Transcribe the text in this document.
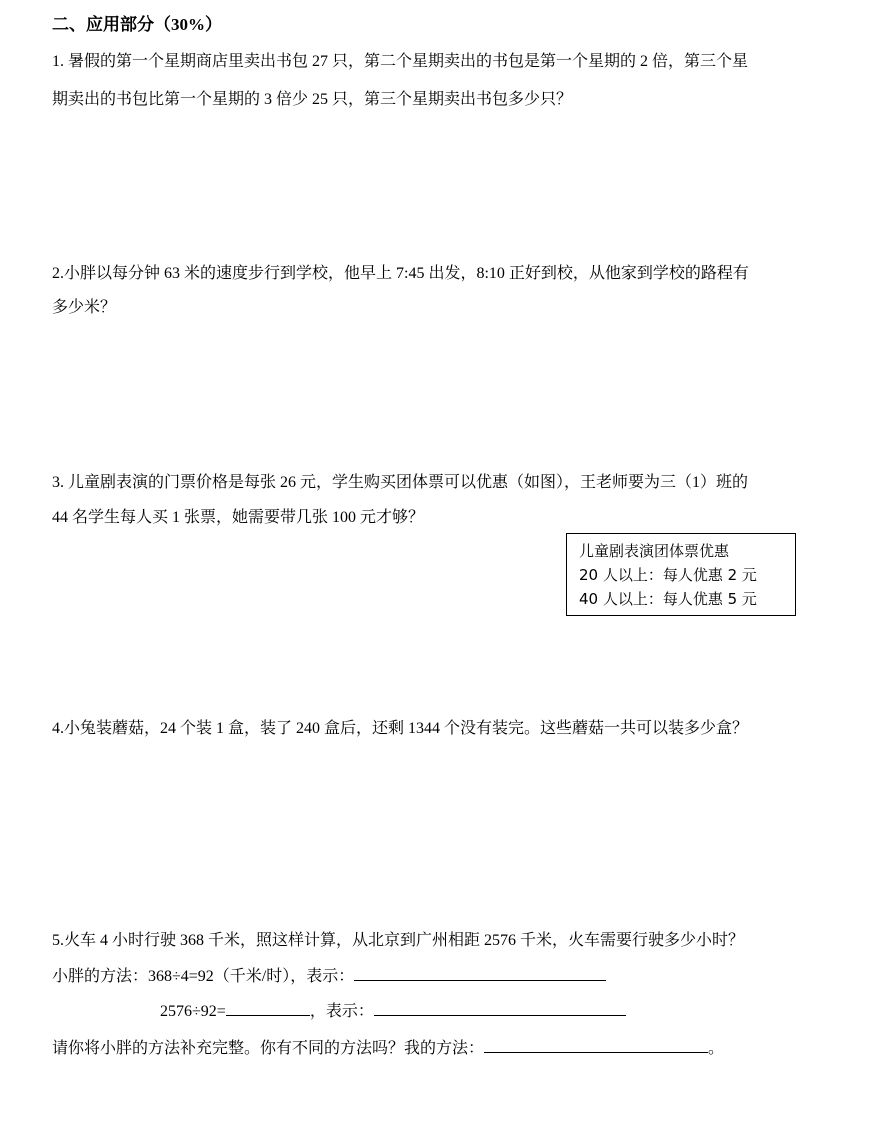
二、应用部分（30%）
1. 暑假的第一个星期商店里卖出书包 27 只，第二个星期卖出的书包是第一个星期的 2 倍，第三个星
期卖出的书包比第一个星期的 3 倍少 25 只，第三个星期卖出书包多少只？
2.小胖以每分钟 63 米的速度步行到学校，他早上 7:45 出发，8:10 正好到校，从他家到学校的路程有
多少米？
3. 儿童剧表演的门票价格是每张 26 元，学生购买团体票可以优惠（如图），王老师要为三（1）班的
44 名学生每人买 1 张票，她需要带几张 100 元才够？
儿童剧表演团体票优惠
20 人以上：每人优惠 2 元
40 人以上：每人优惠 5 元
4.小兔装蘑菇，24 个装 1 盒，装了 240 盒后，还剩 1344 个没有装完。这些蘑菇一共可以装多少盒？
5.火车 4 小时行驶 368 千米，照这样计算，从北京到广州相距 2576 千米，火车需要行驶多少小时？
小胖的方法：368÷4=92（千米/时），表示：
2576÷92=	，表示：
请你将小胖的方法补充完整。你有不同的方法吗？我的方法：	。
